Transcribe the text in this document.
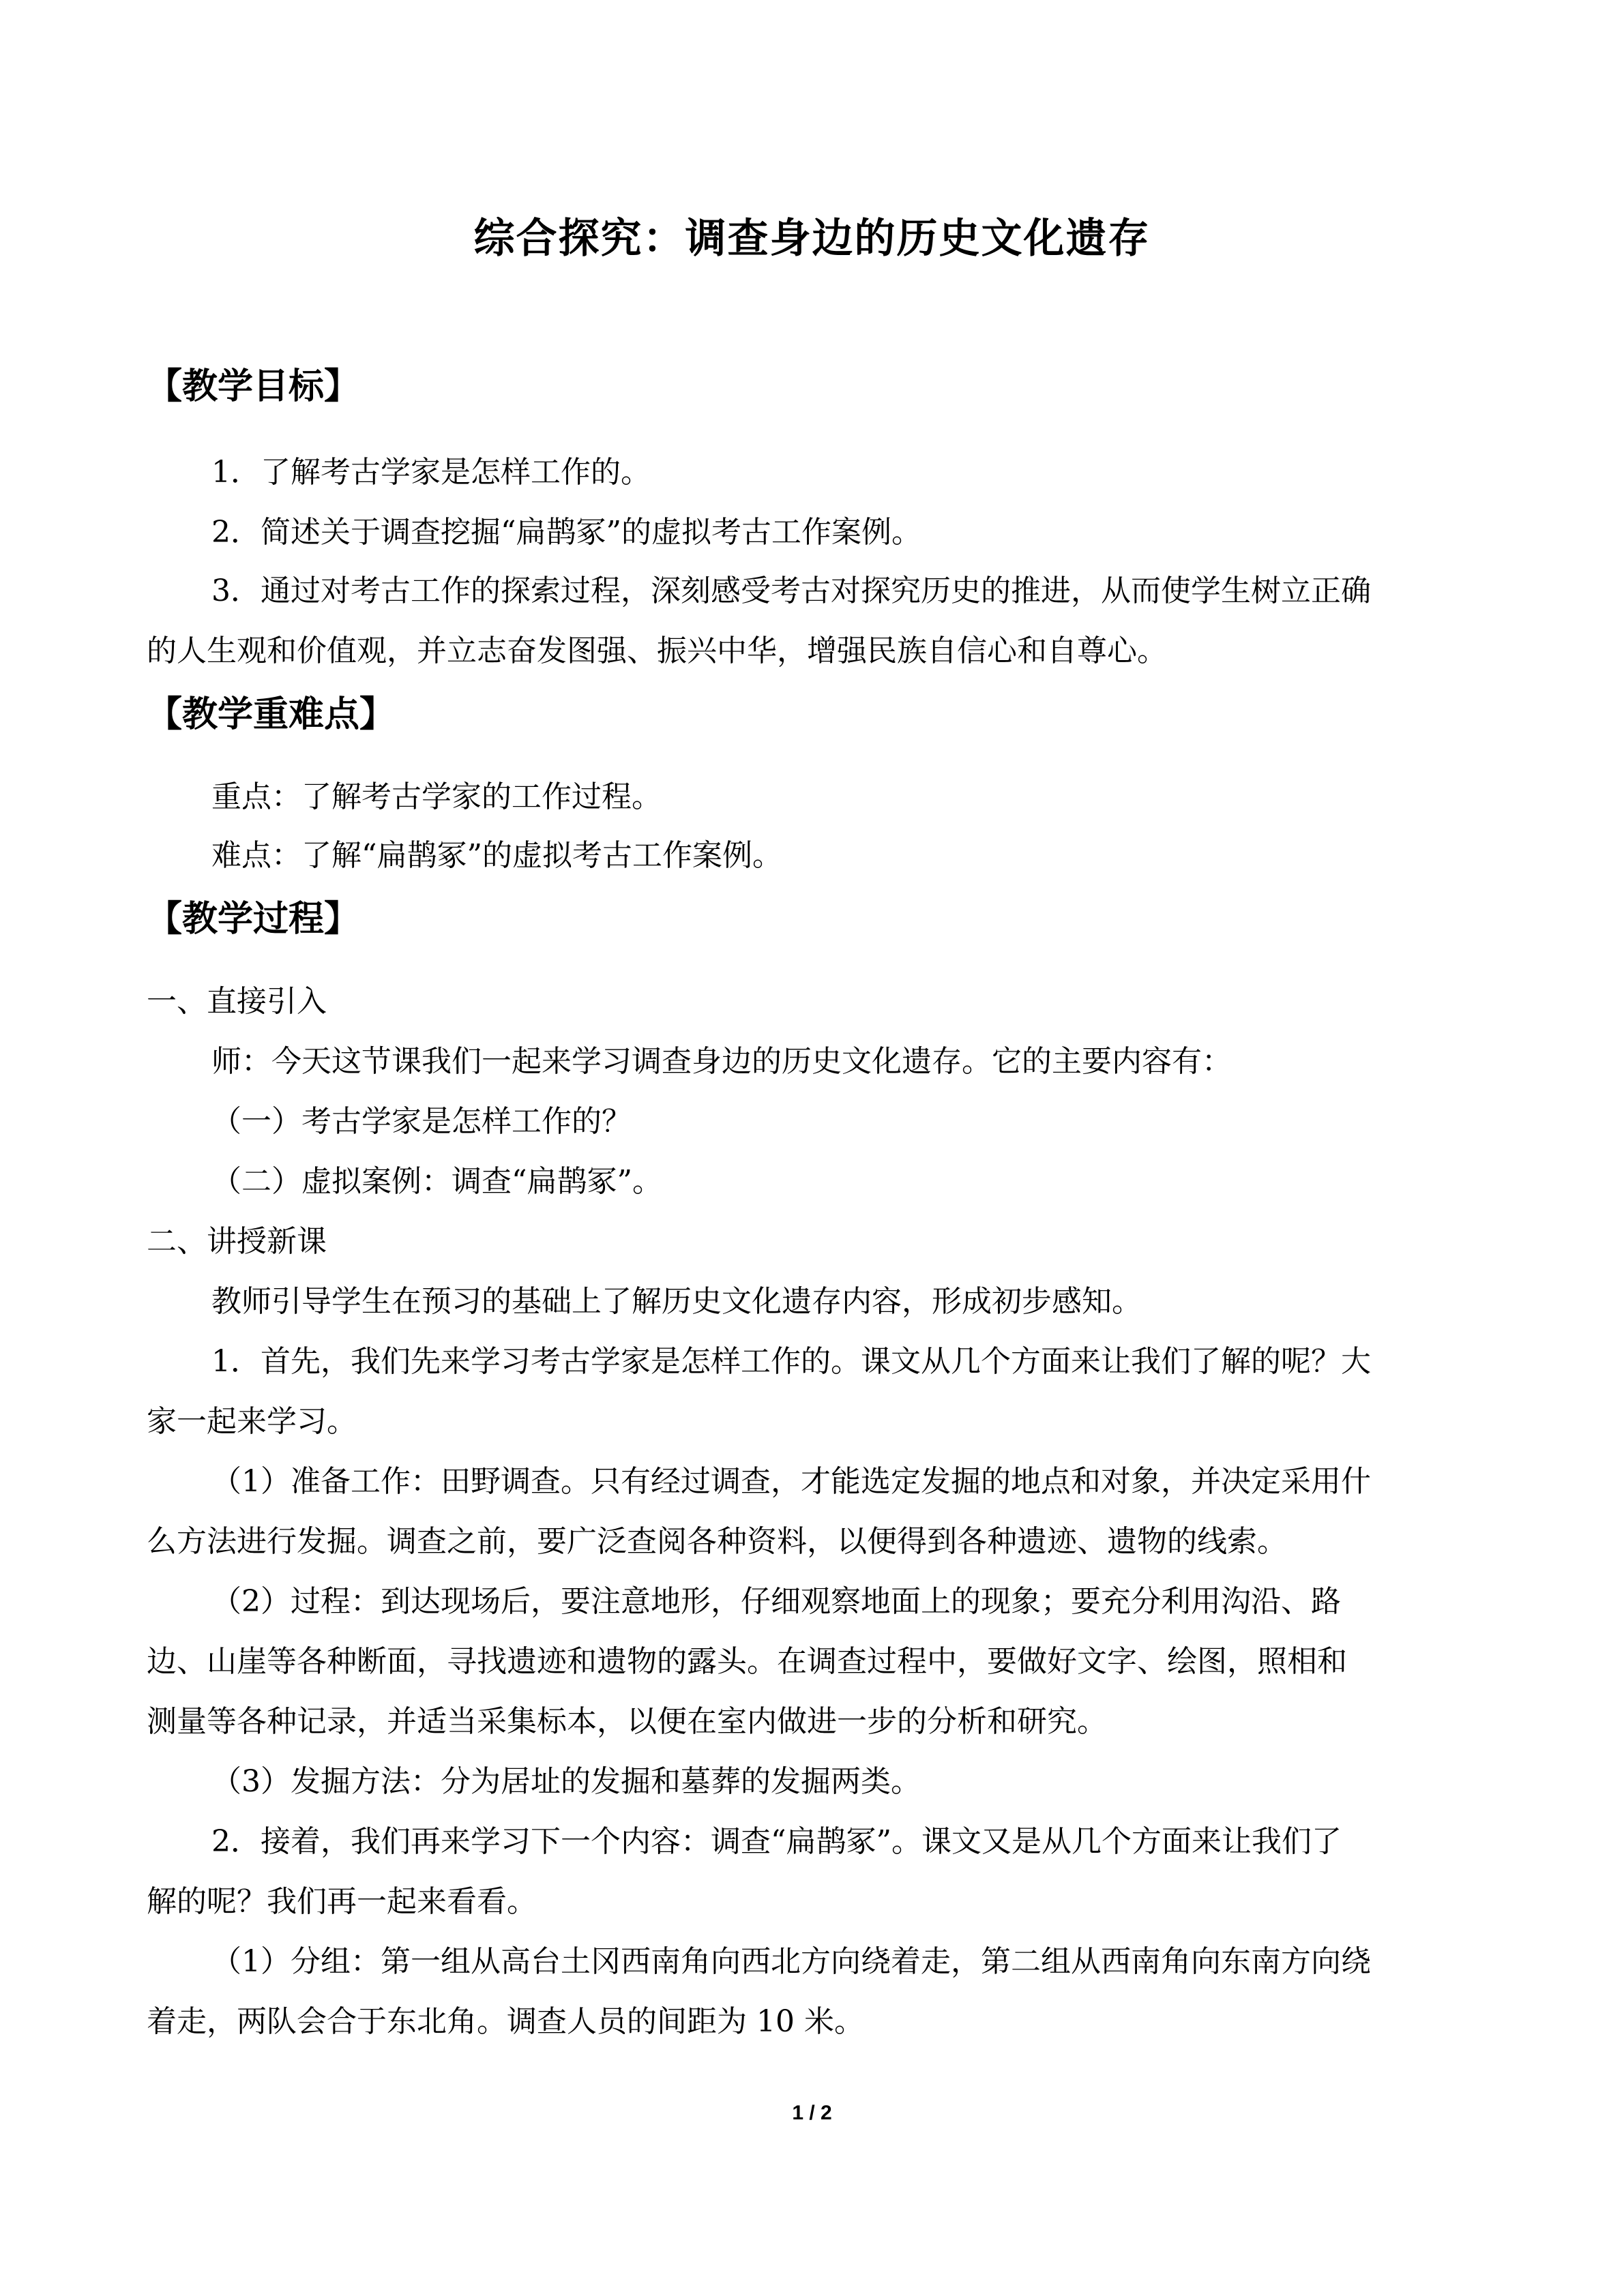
综合探究：调查身边的历史文化遗存
【教学目标】
1．了解考古学家是怎样工作的。
2．简述关于调查挖掘“扁鹊冢”的虚拟考古工作案例。
3．通过对考古工作的探索过程，深刻感受考古对探究历史的推进，从而使学生树立正确
的人生观和价值观，并立志奋发图强、振兴中华，增强民族自信心和自尊心。
【教学重难点】
重点：了解考古学家的工作过程。
难点：了解“扁鹊冢”的虚拟考古工作案例。
【教学过程】
一、直接引入
师：今天这节课我们一起来学习调查身边的历史文化遗存。它的主要内容有：
（一）考古学家是怎样工作的？
（二）虚拟案例：调查“扁鹊冢”。
二、讲授新课
教师引导学生在预习的基础上了解历史文化遗存内容，形成初步感知。
1．首先，我们先来学习考古学家是怎样工作的。课文从几个方面来让我们了解的呢？大
家一起来学习。
（1）准备工作：田野调查。只有经过调查，才能选定发掘的地点和对象，并决定采用什
么方法进行发掘。调查之前，要广泛查阅各种资料，以便得到各种遗迹、遗物的线索。
（2）过程：到达现场后，要注意地形，仔细观察地面上的现象；要充分利用沟沿、路
边、山崖等各种断面，寻找遗迹和遗物的露头。在调查过程中，要做好文字、绘图，照相和
测量等各种记录，并适当采集标本，以便在室内做进一步的分析和研究。
（3）发掘方法：分为居址的发掘和墓葬的发掘两类。
2．接着，我们再来学习下一个内容：调查“扁鹊冢”。课文又是从几个方面来让我们了
解的呢？我们再一起来看看。
（1）分组：第一组从高台土冈西南角向西北方向绕着走，第二组从西南角向东南方向绕
着走，两队会合于东北角。调查人员的间距为 10 米。
1 / 2
